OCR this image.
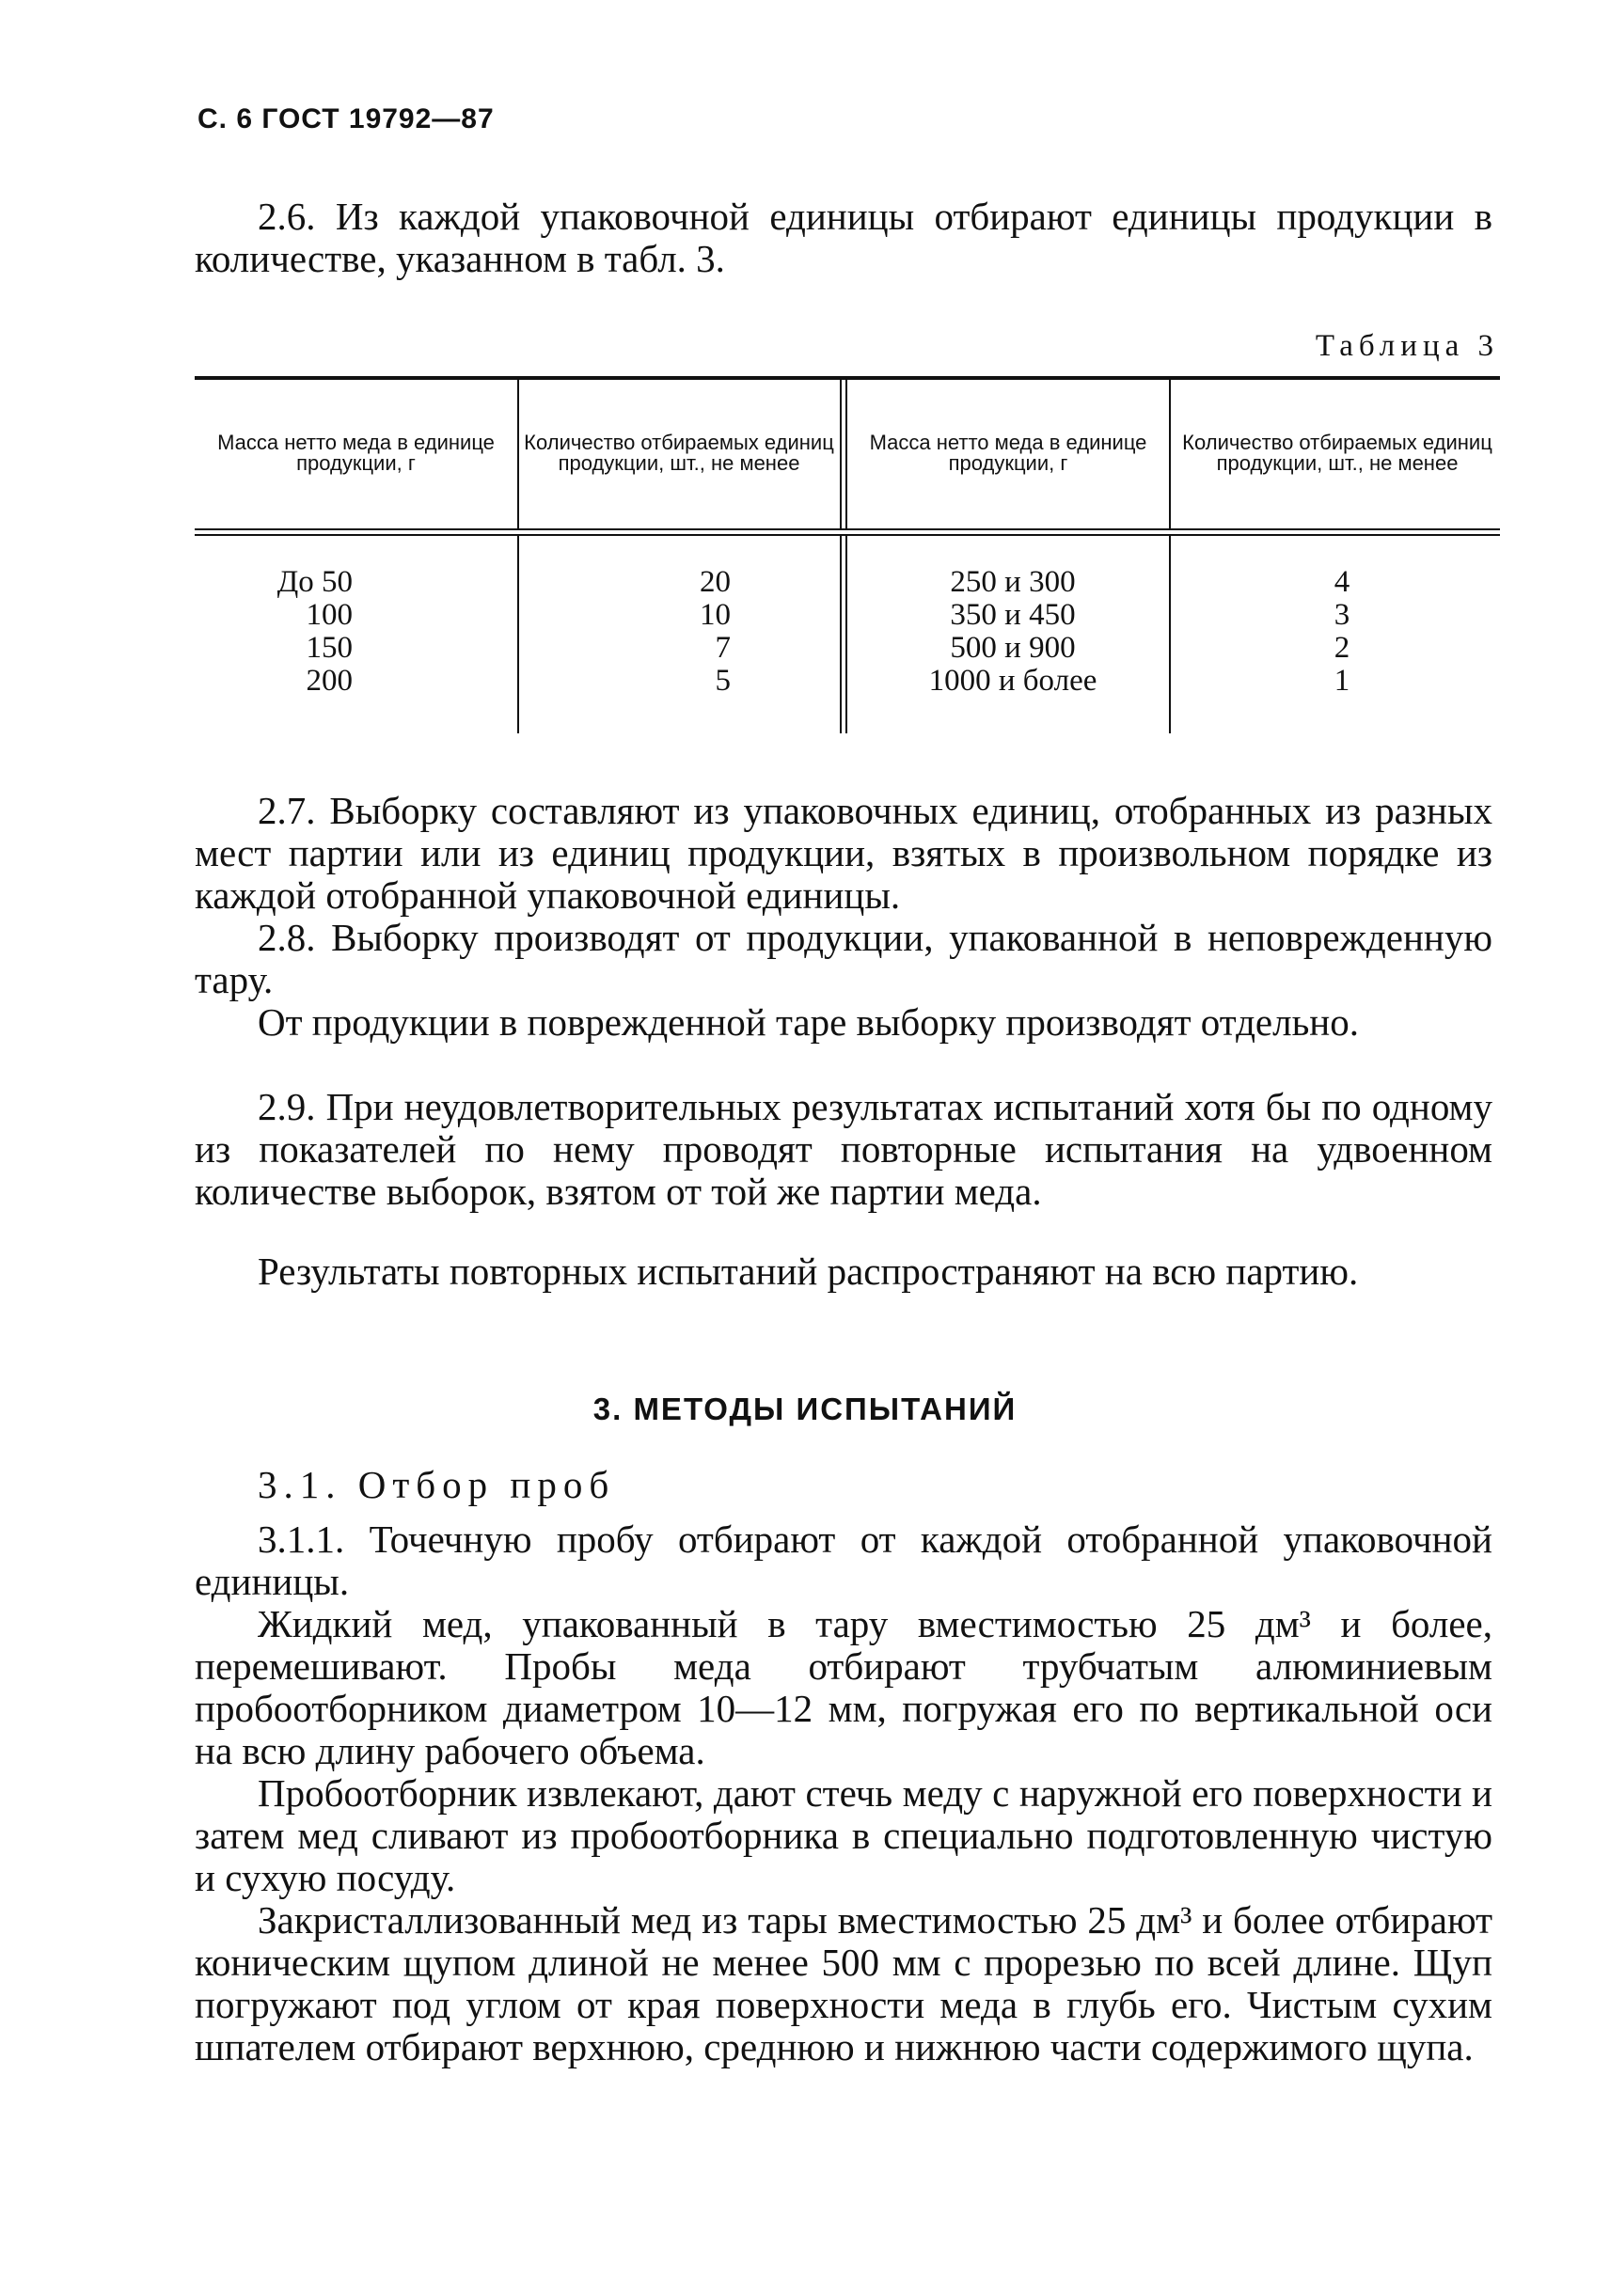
С. 6 ГОСТ 19792—87

2.6. Из каждой упаковочной единицы отбирают единицы продукции в количестве, указанном в табл. 3.

Таблица 3
Масса нетто меда в единице продукции, г
Количество отбираемых единиц продукции, шт., не менее
Масса нетто меда в единице продукции, г
Количество отбираемых единиц продукции, шт., не менее
До 50
100
150
200
20
10
7
5
250 и 300
350 и 450
500 и 900
1000 и более
4
3
2
1

2.7. Выборку составляют из упаковочных единиц, отобранных из разных мест партии или из единиц продукции, взятых в произвольном порядке из каждой отобранной упаковочной единицы.

2.8. Выборку производят от продукции, упакованной в неповрежденную тару.

От продукции в поврежденной таре выборку производят отдельно.

2.9. При неудовлетворительных результатах испытаний хотя бы по одному из показателей по нему проводят повторные испытания на удвоенном количестве выборок, взятом от той же партии меда.

Результаты повторных испытаний распространяют на всю партию.

3. МЕТОДЫ ИСПЫТАНИЙ
3.1. Отбор проб

3.1.1. Точечную пробу отбирают от каждой отобранной упаковочной единицы.

Жидкий мед, упакованный в тару вместимостью 25 дм³ и более, перемешивают. Пробы меда отбирают трубчатым алюминиевым пробоотборником диаметром 10—12 мм, погружая его по вертикальной оси на всю длину рабочего объема.

Пробоотборник извлекают, дают стечь меду с наружной его поверхности и затем мед сливают из пробоотборника в специально подготовленную чистую и сухую посуду.

Закристаллизованный мед из тары вместимостью 25 дм³ и более отбирают коническим щупом длиной не менее 500 мм с прорезью по всей длине. Щуп погружают под углом от края поверхности меда в глубь его. Чистым сухим шпателем отбирают верхнюю, среднюю и нижнюю части содержимого щупа.
